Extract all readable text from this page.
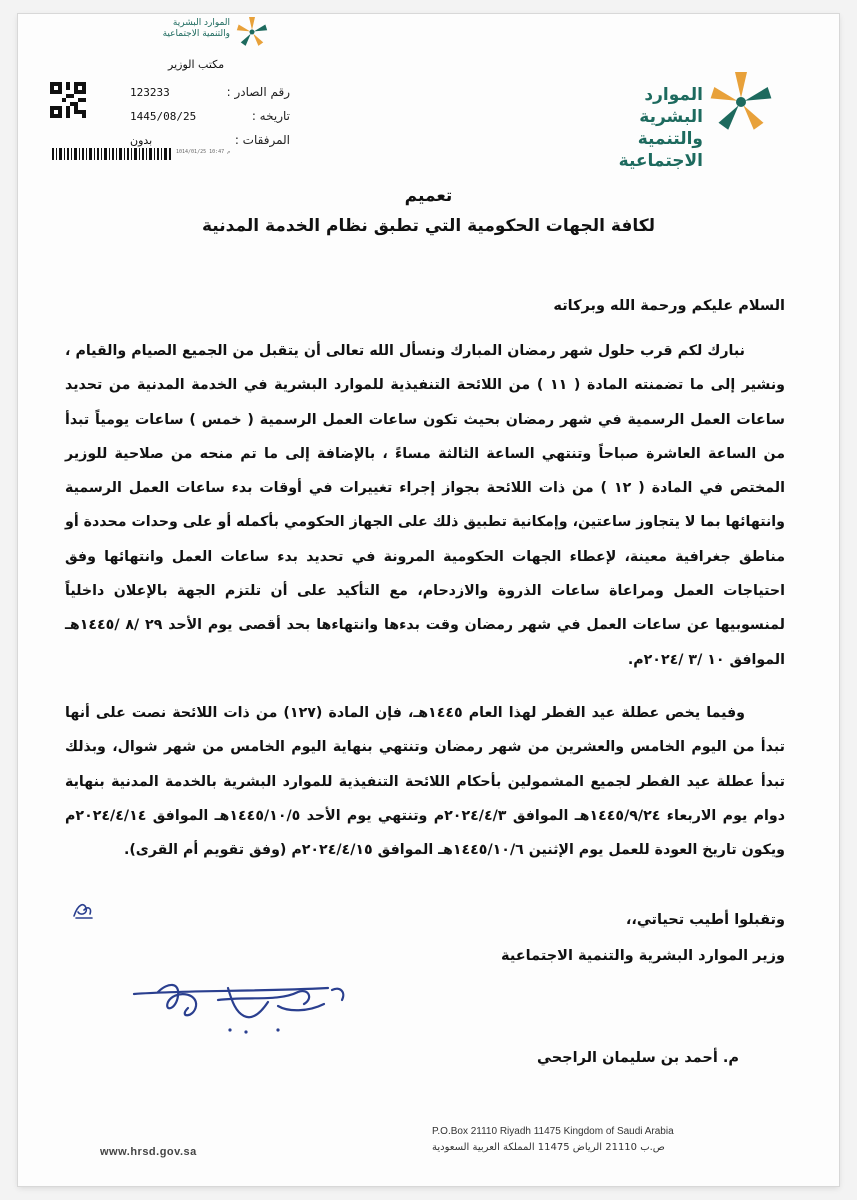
الموارد البشرية
والتنمية الاجتماعية
الموارد البشرية
والتنمية الاجتماعية
مكتب الوزير
رقم الصادر :
123233
تاريخه :
1445/08/25
المرفقات :
بدون
1014/01/25 10:47 م
تعميم
لكافة الجهات الحكومية التي تطبق نظام الخدمة المدنية
السلام عليكم ورحمة الله وبركاته
نبارك لكم قرب حلول شهر رمضان المبارك ونسأل الله تعالى أن يتقبل من الجميع الصيام والقيام ، ونشير إلى ما تضمنته المادة ( ١١ ) من اللائحة التنفيذية للموارد البشرية في الخدمة المدنية من تحديد ساعات العمل الرسمية في شهر رمضان بحيث تكون ساعات العمل الرسمية ( خمس ) ساعات يومياً تبدأ من الساعة العاشرة صباحاً وتنتهي الساعة الثالثة مساءً ، بالإضافة إلى ما تم منحه من صلاحية للوزير المختص في المادة ( ١٢ ) من ذات اللائحة بجواز إجراء تغييرات في أوقات بدء ساعات العمل الرسمية وانتهائها بما لا يتجاوز ساعتين، وإمكانية تطبيق ذلك على الجهاز الحكومي بأكمله أو على وحدات محددة أو مناطق جغرافية معينة، لإعطاء الجهات الحكومية المرونة في تحديد بدء ساعات العمل وانتهائها وفق احتياجات العمل ومراعاة ساعات الذروة والازدحام، مع التأكيد على أن تلتزم الجهة بالإعلان داخلياً لمنسوبيها عن ساعات العمل في شهر رمضان وقت بدءها وانتهاءها بحد أقصى يوم الأحد ٢٩ /٨ /١٤٤٥هـ الموافق ١٠ /٣ /٢٠٢٤م.
وفيما يخص عطلة عيد الفطر لهذا العام ١٤٤٥هـ، فإن المادة (١٢٧) من ذات اللائحة نصت على أنها تبدأ من اليوم الخامس والعشرين من شهر رمضان وتنتهي بنهاية اليوم الخامس من شهر شوال، وبذلك تبدأ عطلة عيد الفطر لجميع المشمولين بأحكام اللائحة التنفيذية للموارد البشرية بالخدمة المدنية بنهاية دوام يوم الاربعاء ١٤٤٥/٩/٢٤هـ الموافق ٢٠٢٤/٤/٣م وتنتهي يوم الأحد ١٤٤٥/١٠/٥هـ الموافق ٢٠٢٤/٤/١٤م ويكون تاريخ العودة للعمل يوم الإثنين ١٤٤٥/١٠/٦هـ الموافق ٢٠٢٤/٤/١٥م (وفق تقويم أم القرى).
وتقبلوا أطيب تحياتي،،
وزير الموارد البشرية والتنمية الاجتماعية
م. أحمد بن سليمان الراجحي
P.O.Box 21110 Riyadh 11475 Kingdom of Saudi Arabia
ص.ب 21110 الرياض 11475 المملكة العربية السعودية
www.hrsd.gov.sa
